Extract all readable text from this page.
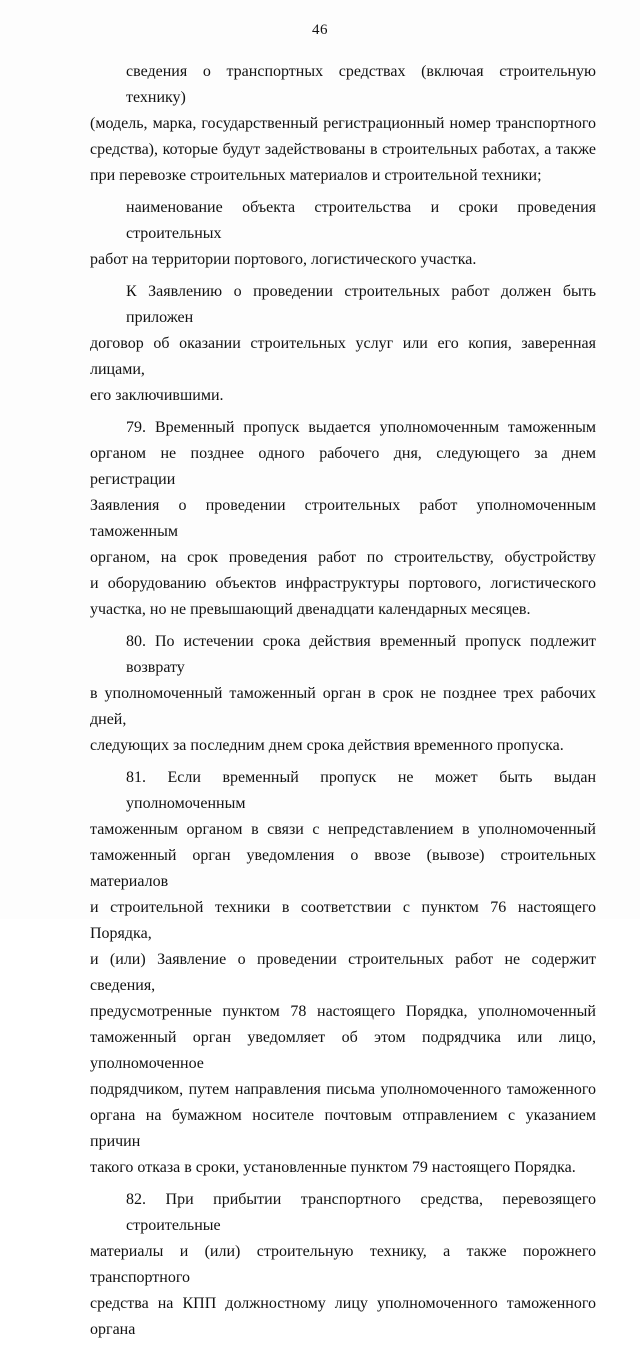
46
сведения о транспортных средствах (включая строительную технику)
(модель, марка, государственный регистрационный номер транспортного
средства), которые будут задействованы в строительных работах, а также
при перевозке строительных материалов и строительной техники;
наименование объекта строительства и сроки проведения строительных
работ на территории портового, логистического участка.
К Заявлению о проведении строительных работ должен быть приложен
договор об оказании строительных услуг или его копия, заверенная лицами,
его заключившими.
79. Временный пропуск выдается уполномоченным таможенным
органом не позднее одного рабочего дня, следующего за днем регистрации
Заявления о проведении строительных работ уполномоченным таможенным
органом, на срок проведения работ по строительству, обустройству
и оборудованию объектов инфраструктуры портового, логистического
участка, но не превышающий двенадцати календарных месяцев.
80. По истечении срока действия временный пропуск подлежит возврату
в уполномоченный таможенный орган в срок не позднее трех рабочих дней,
следующих за последним днем срока действия временного пропуска.
81. Если временный пропуск не может быть выдан уполномоченным
таможенным органом в связи с непредставлением в уполномоченный
таможенный орган уведомления о ввозе (вывозе) строительных материалов
и строительной техники в соответствии с пунктом 76 настоящего Порядка,
и (или) Заявление о проведении строительных работ не содержит сведения,
предусмотренные пунктом 78 настоящего Порядка, уполномоченный
таможенный орган уведомляет об этом подрядчика или лицо, уполномоченное
подрядчиком, путем направления письма уполномоченного таможенного
органа на бумажном носителе почтовым отправлением с указанием причин
такого отказа в сроки, установленные пунктом 79 настоящего Порядка.
82. При прибытии транспортного средства, перевозящего строительные
материалы и (или) строительную технику, а также порожнего транспортного
средства на КПП должностному лицу уполномоченного таможенного органа
